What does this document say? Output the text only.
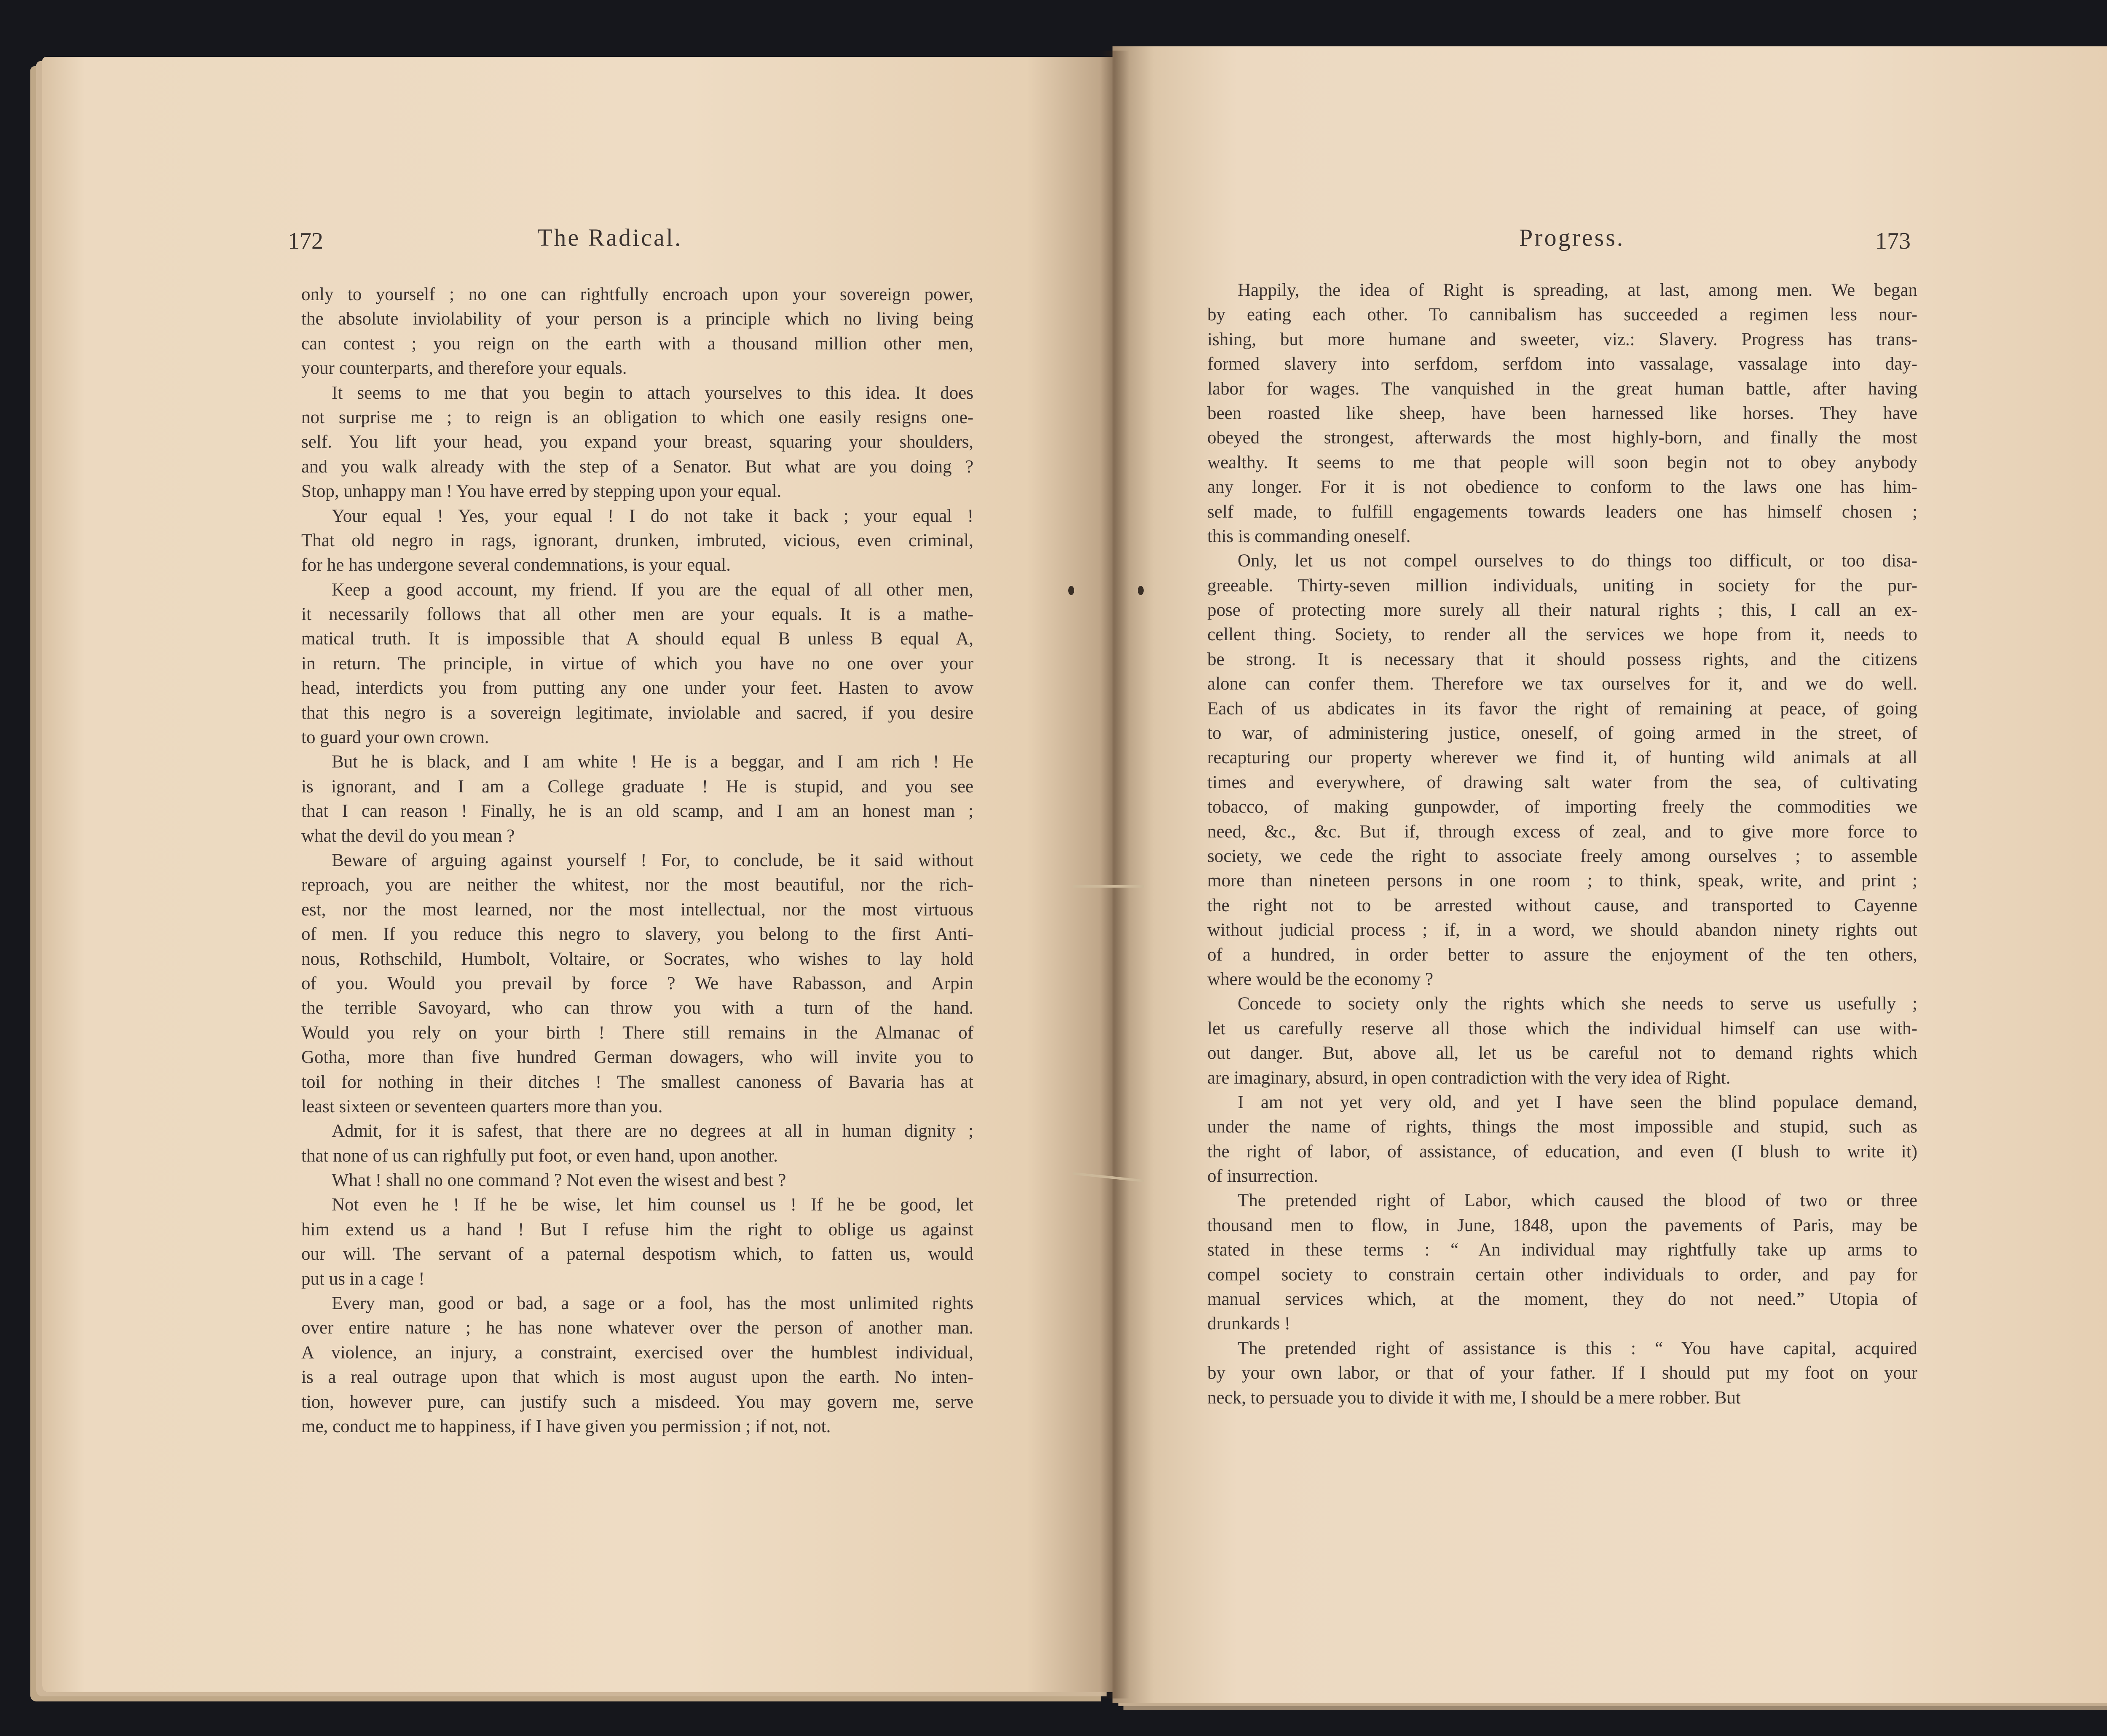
172	The Radical.	Progress.	173
only to yourself ; no one can rightfully encroach upon your sovereign power,
the absolute inviolability of your person is a principle which no living being
can contest ; you reign on the earth with a thousand million other men,
your counterparts, and therefore your equals.
It seems to me that you begin to attach yourselves to this idea. It does
not surprise me ; to reign is an obligation to which one easily resigns one-
self. You lift your head, you expand your breast, squaring your shoulders,
and you walk already with the step of a Senator. But what are you doing ?
Stop, unhappy man ! You have erred by stepping upon your equal.
Your equal ! Yes, your equal ! I do not take it back ; your equal !
That old negro in rags, ignorant, drunken, imbruted, vicious, even criminal,
for he has undergone several condemnations, is your equal.
Keep a good account, my friend. If you are the equal of all other men,
it necessarily follows that all other men are your equals. It is a mathe-
matical truth. It is impossible that A should equal B unless B equal A,
in return. The principle, in virtue of which you have no one over your
head, interdicts you from putting any one under your feet. Hasten to avow
that this negro is a sovereign legitimate, inviolable and sacred, if you desire
to guard your own crown.
But he is black, and I am white ! He is a beggar, and I am rich ! He
is ignorant, and I am a College graduate ! He is stupid, and you see
that I can reason ! Finally, he is an old scamp, and I am an honest man ;
what the devil do you mean ?
Beware of arguing against yourself ! For, to conclude, be it said without
reproach, you are neither the whitest, nor the most beautiful, nor the rich-
est, nor the most learned, nor the most intellectual, nor the most virtuous
of men. If you reduce this negro to slavery, you belong to the first Anti-
nous, Rothschild, Humbolt, Voltaire, or Socrates, who wishes to lay hold
of you. Would you prevail by force ? We have Rabasson, and Arpin
the terrible Savoyard, who can throw you with a turn of the hand.
Would you rely on your birth ! There still remains in the Almanac of
Gotha, more than five hundred German dowagers, who will invite you to
toil for nothing in their ditches ! The smallest canoness of Bavaria has at
least sixteen or seventeen quarters more than you.
Admit, for it is safest, that there are no degrees at all in human dignity ;
that none of us can righfully put foot, or even hand, upon another.
What ! shall no one command ? Not even the wisest and best ?
Not even he ! If he be wise, let him counsel us ! If he be good, let
him extend us a hand ! But I refuse him the right to oblige us against
our will. The servant of a paternal despotism which, to fatten us, would
put us in a cage !
Every man, good or bad, a sage or a fool, has the most unlimited rights
over entire nature ; he has none whatever over the person of another man.
A violence, an injury, a constraint, exercised over the humblest individual,
is a real outrage upon that which is most august upon the earth. No inten-
tion, however pure, can justify such a misdeed. You may govern me, serve
me, conduct me to happiness, if I have given you permission ; if not, not.
Happily, the idea of Right is spreading, at last, among men. We began
by eating each other. To cannibalism has succeeded a regimen less nour-
ishing, but more humane and sweeter, viz.: Slavery. Progress has trans-
formed slavery into serfdom, serfdom into vassalage, vassalage into day-
labor for wages. The vanquished in the great human battle, after having
been roasted like sheep, have been harnessed like horses. They have
obeyed the strongest, afterwards the most highly-born, and finally the most
wealthy. It seems to me that people will soon begin not to obey anybody
any longer. For it is not obedience to conform to the laws one has him-
self made, to fulfill engagements towards leaders one has himself chosen ;
this is commanding oneself.
Only, let us not compel ourselves to do things too difficult, or too disa-
greeable. Thirty-seven million individuals, uniting in society for the pur-
pose of protecting more surely all their natural rights ; this, I call an ex-
cellent thing. Society, to render all the services we hope from it, needs to
be strong. It is necessary that it should possess rights, and the citizens
alone can confer them. Therefore we tax ourselves for it, and we do well.
Each of us abdicates in its favor the right of remaining at peace, of going
to war, of administering justice, oneself, of going armed in the street, of
recapturing our property wherever we find it, of hunting wild animals at all
times and everywhere, of drawing salt water from the sea, of cultivating
tobacco, of making gunpowder, of importing freely the commodities we
need, &c., &c. But if, through excess of zeal, and to give more force to
society, we cede the right to associate freely among ourselves ; to assemble
more than nineteen persons in one room ; to think, speak, write, and print ;
the right not to be arrested without cause, and transported to Cayenne
without judicial process ; if, in a word, we should abandon ninety rights out
of a hundred, in order better to assure the enjoyment of the ten others,
where would be the economy ?
Concede to society only the rights which she needs to serve us usefully ;
let us carefully reserve all those which the individual himself can use with-
out danger. But, above all, let us be careful not to demand rights which
are imaginary, absurd, in open contradiction with the very idea of Right.
I am not yet very old, and yet I have seen the blind populace demand,
under the name of rights, things the most impossible and stupid, such as
the right of labor, of assistance, of education, and even (I blush to write it)
of insurrection.
The pretended right of Labor, which caused the blood of two or three
thousand men to flow, in June, 1848, upon the pavements of Paris, may be
stated in these terms : “ An individual may rightfully take up arms to
compel society to constrain certain other individuals to order, and pay for
manual services which, at the moment, they do not need.” Utopia of
drunkards !
The pretended right of assistance is this : “ You have capital, acquired
by your own labor, or that of your father. If I should put my foot on your
neck, to persuade you to divide it with me, I should be a mere robber. But
